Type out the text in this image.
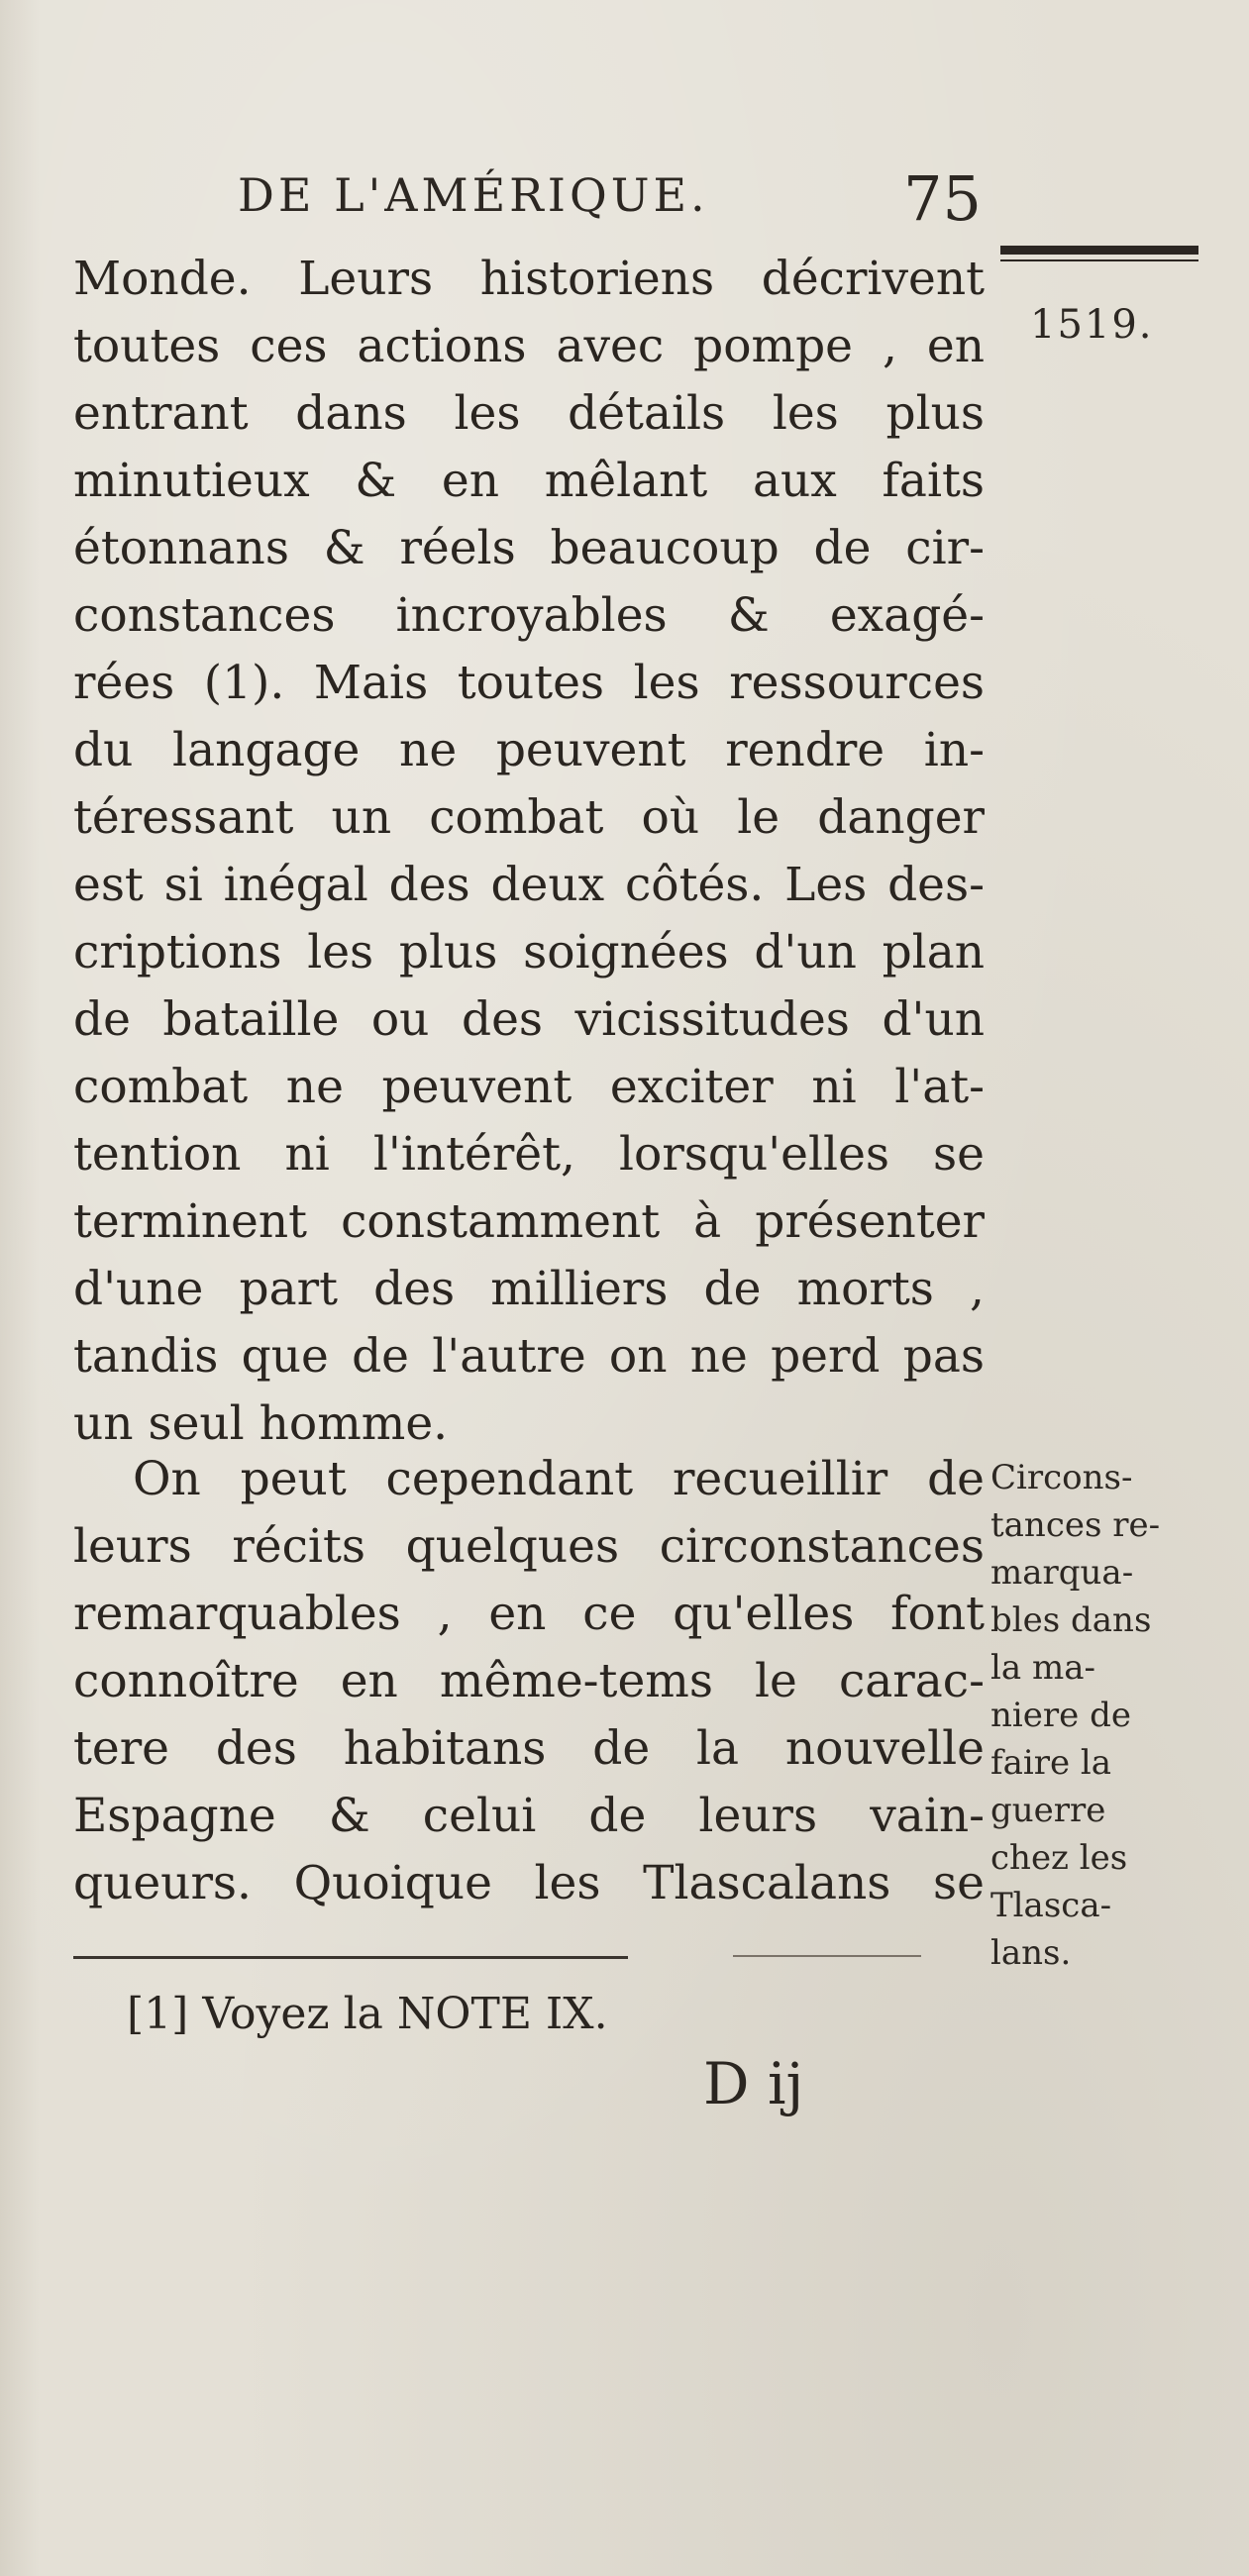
DE L'AMÉRIQUE.	75
1519.
Monde. Leurs historiens décrivent
toutes ces actions avec pompe , en
entrant dans les détails les plus
minutieux & en mêlant aux faits
étonnans & réels beaucoup de cir-
constances incroyables & exagé-
rées (1). Mais toutes les ressources
du langage ne peuvent rendre in-
téressant un combat où le danger
est si inégal des deux côtés. Les des-
criptions les plus soignées d'un plan
de bataille ou des vicissitudes d'un
combat ne peuvent exciter ni l'at-
tention ni l'intérêt, lorsqu'elles se
terminent constamment à présenter
d'une part des milliers de morts ,
tandis que de l'autre on ne perd pas
un seul homme.
On peut cependant recueillir de
leurs récits quelques circonstances
remarquables , en ce qu'elles font
connoître en même-tems le carac-
tere des habitans de la nouvelle
Espagne & celui de leurs vain-
queurs. Quoique les Tlascalans se
Circons-
tances re-
marqua-
bles dans
la ma-
niere de
faire la
guerre
chez les
Tlasca-
lans.
[1] Voyez la NOTE IX.
D ij
